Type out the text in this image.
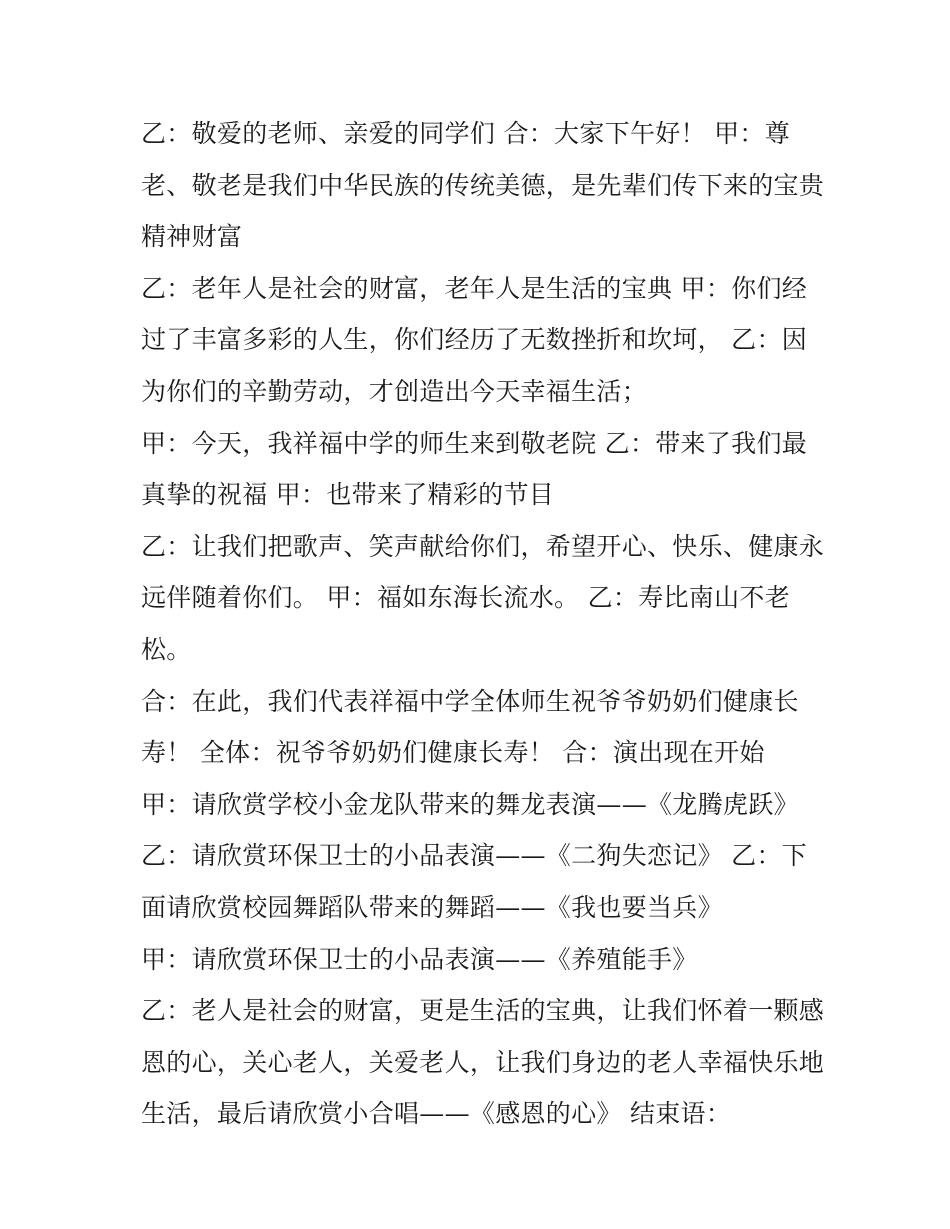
乙：敬爱的老师、亲爱的同学们 合：大家下午好！ 甲：尊
老、敬老是我们中华民族的传统美德，是先辈们传下来的宝贵
精神财富
乙：老年人是社会的财富，老年人是生活的宝典 甲：你们经
过了丰富多彩的人生，你们经历了无数挫折和坎坷， 乙：因
为你们的辛勤劳动，才创造出今天幸福生活；
甲：今天，我祥福中学的师生来到敬老院 乙：带来了我们最
真挚的祝福 甲：也带来了精彩的节目
乙：让我们把歌声、笑声献给你们，希望开心、快乐、健康永
远伴随着你们。 甲：福如东海长流水。 乙：寿比南山不老
松。
合：在此，我们代表祥福中学全体师生祝爷爷奶奶们健康长
寿！ 全体：祝爷爷奶奶们健康长寿！ 合：演出现在开始
甲：请欣赏学校小金龙队带来的舞龙表演——《龙腾虎跃》
乙：请欣赏环保卫士的小品表演——《二狗失恋记》 乙：下
面请欣赏校园舞蹈队带来的舞蹈——《我也要当兵》
甲：请欣赏环保卫士的小品表演——《养殖能手》
乙：老人是社会的财富，更是生活的宝典，让我们怀着一颗感
恩的心，关心老人，关爱老人，让我们身边的老人幸福快乐地
生活，最后请欣赏小合唱——《感恩的心》 结束语：
